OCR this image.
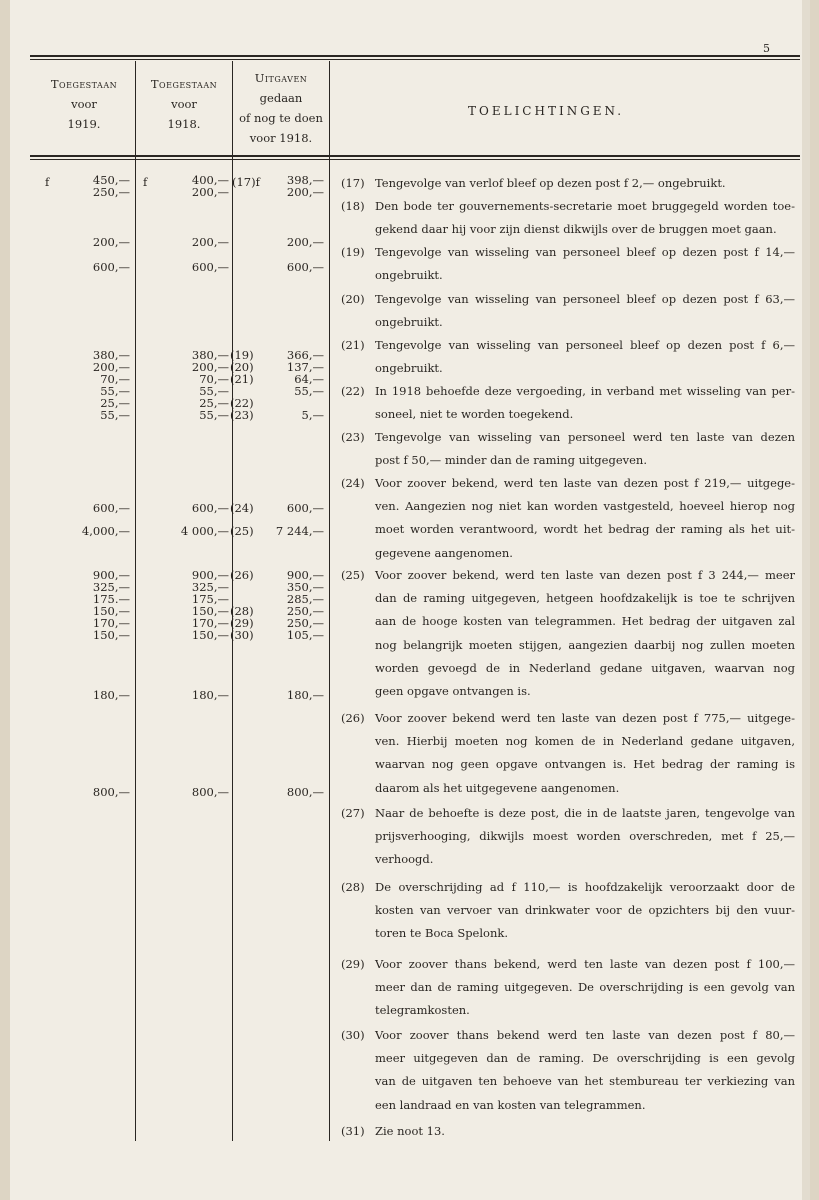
5
Toegestaan
voor
1919.
Toegestaan
voor
1918.
Uitgaven
gedaan
of nog te doen
voor 1918.
TOELICHTINGEN.
f	f	(17)f
450,—
250,—
200,—
600,—
380,—
200,—
70,—
55,—
25,—
55,—
600,—
4,000,—
900,—
325,—
175.—
150,—
170,—
150,—
180,—
800,—
400,—
200,—
200,—
600,—
380,—
200,—
70,—
55,—
25,—
55,—
600,—
4 000,—
900,—
325,—
175,—
150,—
170,—
150,—
180,—
800,—
(19)
(20)
(21)
(22)
(23)
(24)
(25)
(26)
(28)
(29)
(30)
398,—
200,—
200,—
600,—
366,—
137,—
64,—
55,—
5,—
600,—
7 244,—
900,—
350,—
285,—
250,—
250,—
105,—
180,—
800,—
(17) Tengevolge van verlof bleef op dezen post f 2,— ongebruikt.
(18) Den bode ter gouvernements-secretarie moet bruggegeld worden toe-
gekend daar hij voor zijn dienst dikwijls over de bruggen moet gaan.
(19) Tengevolge van wisseling van personeel bleef op dezen post f 14,—
ongebruikt.
(20) Tengevolge van wisseling van personeel bleef op dezen post f 63,—
ongebruikt.
(21) Tengevolge van wisseling van personeel bleef op dezen post f 6,—
ongebruikt.
(22) In 1918 behoefde deze vergoeding, in verband met wisseling van per-
soneel, niet te worden toegekend.
(23) Tengevolge van wisseling van personeel werd ten laste van dezen
post f 50,— minder dan de raming uitgegeven.
(24) Voor zoover bekend, werd ten laste van dezen post f 219,— uitgege-
ven. Aangezien nog niet kan worden vastgesteld, hoeveel hierop nog
moet worden verantwoord, wordt het bedrag der raming als het uit-
gegevene aangenomen.
(25) Voor zoover bekend, werd ten laste van dezen post f 3 244,— meer
dan de raming uitgegeven, hetgeen hoofdzakelijk is toe te schrijven
aan de hooge kosten van telegrammen. Het bedrag der uitgaven zal
nog belangrijk moeten stijgen, aangezien daarbij nog zullen moeten
worden gevoegd de in Nederland gedane uitgaven, waarvan nog
geen opgave ontvangen is.
(26) Voor zoover bekend werd ten laste van dezen post f 775,— uitgege-
ven. Hierbij moeten nog komen de in Nederland gedane uitgaven,
waarvan nog geen opgave ontvangen is. Het bedrag der raming is
daarom als het uitgegevene aangenomen.
(27) Naar de behoefte is deze post, die in de laatste jaren, tengevolge van
prijsverhooging, dikwijls moest worden overschreden, met f 25,—
verhoogd.
(28) De overschrijding ad f 110,— is hoofdzakelijk veroorzaakt door de
kosten van vervoer van drinkwater voor de opzichters bij den vuur-
toren te Boca Spelonk.
(29) Voor zoover thans bekend, werd ten laste van dezen post f 100,—
meer dan de raming uitgegeven. De overschrijding is een gevolg van
telegramkosten.
(30) Voor zoover thans bekend werd ten laste van dezen post f 80,—
meer uitgegeven dan de raming. De overschrijding is een gevolg
van de uitgaven ten behoeve van het stembureau ter verkiezing van
een landraad en van kosten van telegrammen.
(31) Zie noot 13.
